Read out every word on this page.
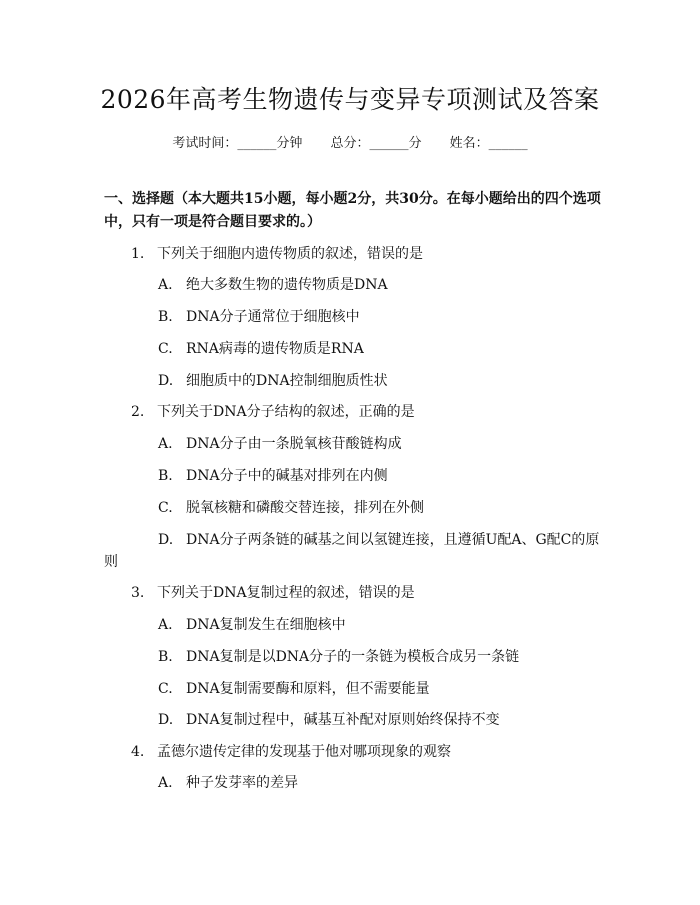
2026年高考生物遗传与变异专项测试及答案
考试时间：______分钟 总分：______分 姓名：______

一、选择题（本大题共15小题，每小题2分，共30分。在每小题给出的四个选项中，只有一项是符合题目要求的。）

1. 下列关于细胞内遗传物质的叙述，错误的是
A. 绝大多数生物的遗传物质是DNA
B. DNA分子通常位于细胞核中
C. RNA病毒的遗传物质是RNA
D. 细胞质中的DNA控制细胞质性状
2. 下列关于DNA分子结构的叙述，正确的是
A. DNA分子由一条脱氧核苷酸链构成
B. DNA分子中的碱基对排列在内侧
C. 脱氧核糖和磷酸交替连接，排列在外侧
D. DNA分子两条链的碱基之间以氢键连接，且遵循U配A、G配C的原
则
3. 下列关于DNA复制过程的叙述，错误的是
A. DNA复制发生在细胞核中
B. DNA复制是以DNA分子的一条链为模板合成另一条链
C. DNA复制需要酶和原料，但不需要能量
D. DNA复制过程中，碱基互补配对原则始终保持不变
4. 孟德尔遗传定律的发现基于他对哪项现象的观察
A. 种子发芽率的差异
